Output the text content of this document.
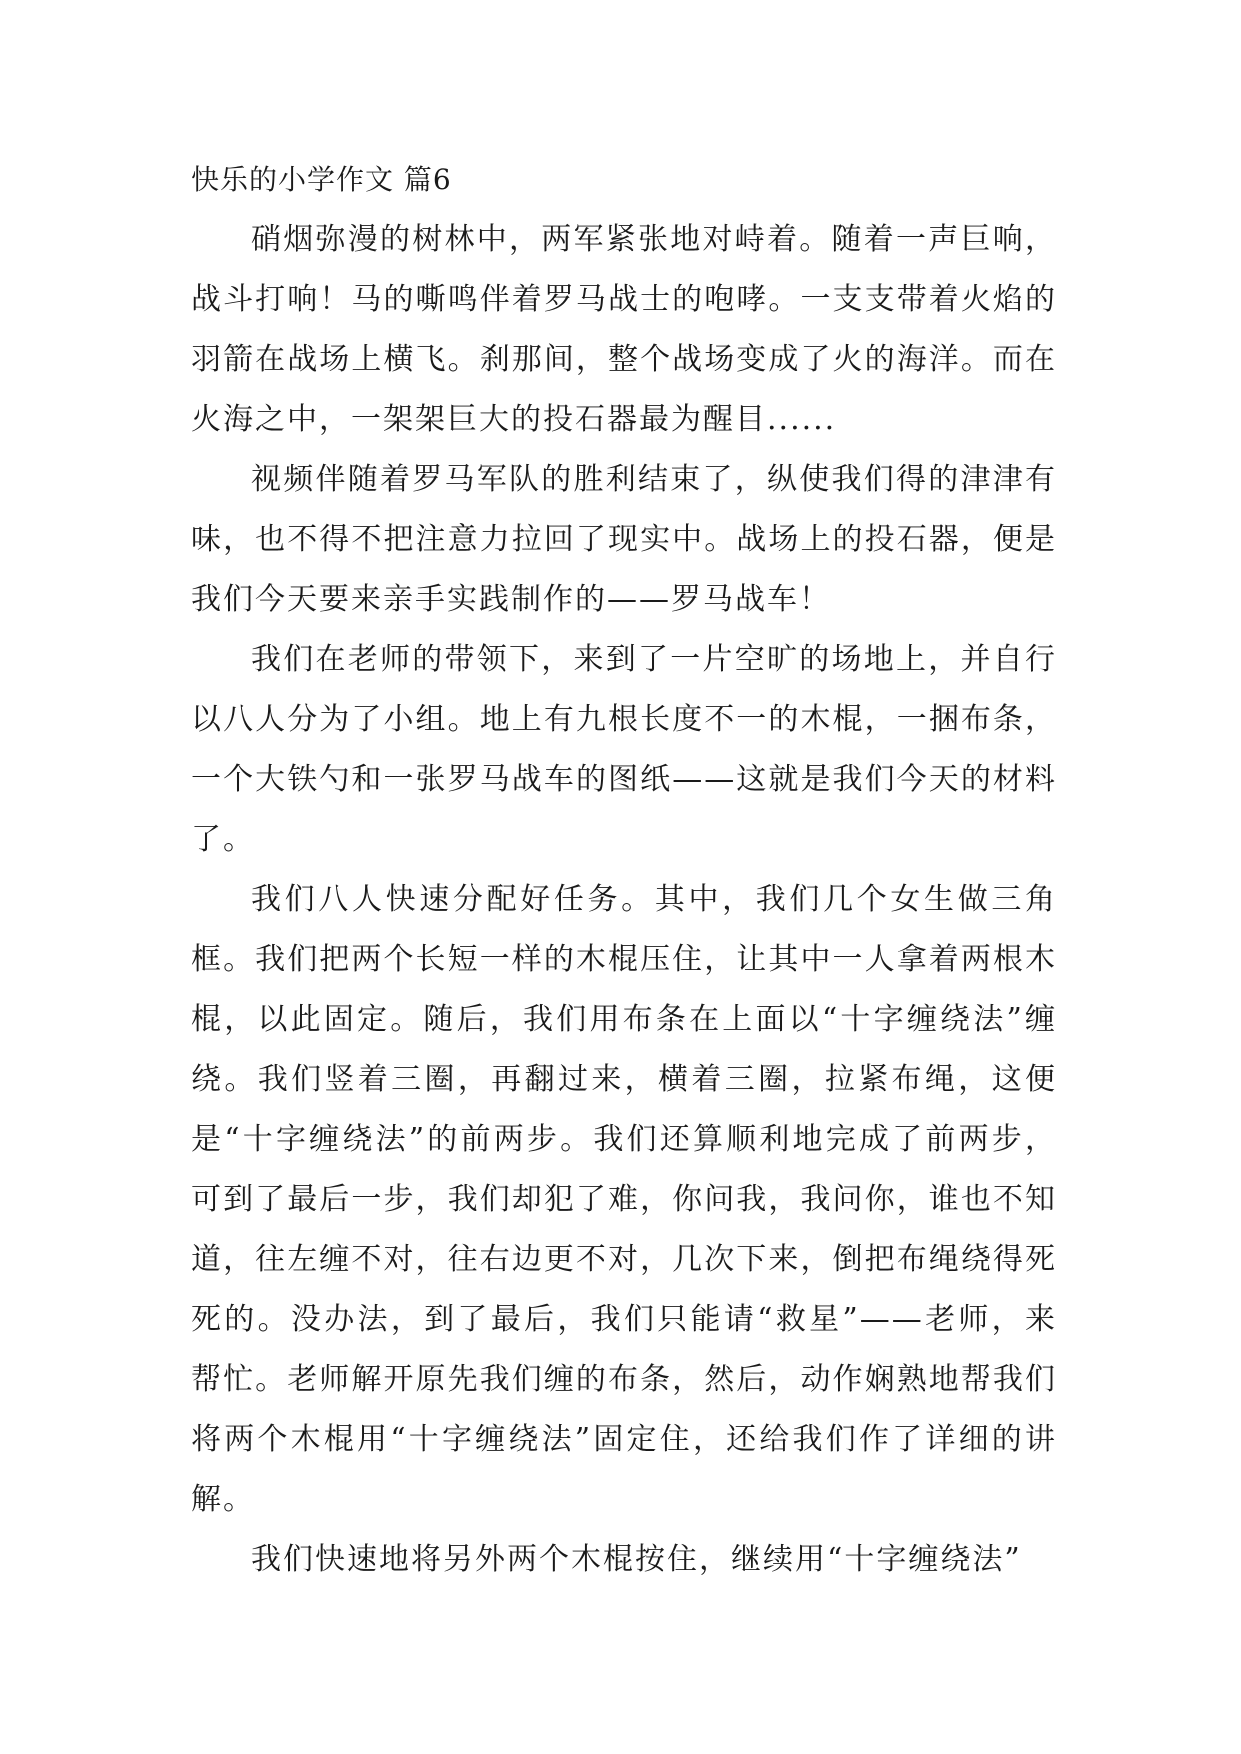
快乐的小学作文 篇6

硝烟弥漫的树林中，两军紧张地对峙着。随着一声巨响，战斗打响！马的嘶鸣伴着罗马战士的咆哮。一支支带着火焰的羽箭在战场上横飞。刹那间，整个战场变成了火的海洋。而在火海之中，一架架巨大的投石器最为醒目......

视频伴随着罗马军队的胜利结束了，纵使我们得的津津有味，也不得不把注意力拉回了现实中。战场上的投石器，便是我们今天要来亲手实践制作的——罗马战车！

我们在老师的带领下，来到了一片空旷的场地上，并自行以八人分为了小组。地上有九根长度不一的木棍，一捆布条，一个大铁勺和一张罗马战车的图纸——这就是我们今天的材料了。

我们八人快速分配好任务。其中，我们几个女生做三角框。我们把两个长短一样的木棍压住，让其中一人拿着两根木棍，以此固定。随后，我们用布条在上面以“十字缠绕法”缠绕。我们竖着三圈，再翻过来，横着三圈，拉紧布绳，这便是“十字缠绕法”的前两步。我们还算顺利地完成了前两步，可到了最后一步，我们却犯了难，你问我，我问你，谁也不知道，往左缠不对，往右边更不对，几次下来，倒把布绳绕得死死的。没办法，到了最后，我们只能请“救星”——老师，来帮忙。老师解开原先我们缠的布条，然后，动作娴熟地帮我们将两个木棍用“十字缠绕法”固定住，还给我们作了详细的讲解。

我们快速地将另外两个木棍按住，继续用“十字缠绕法”
